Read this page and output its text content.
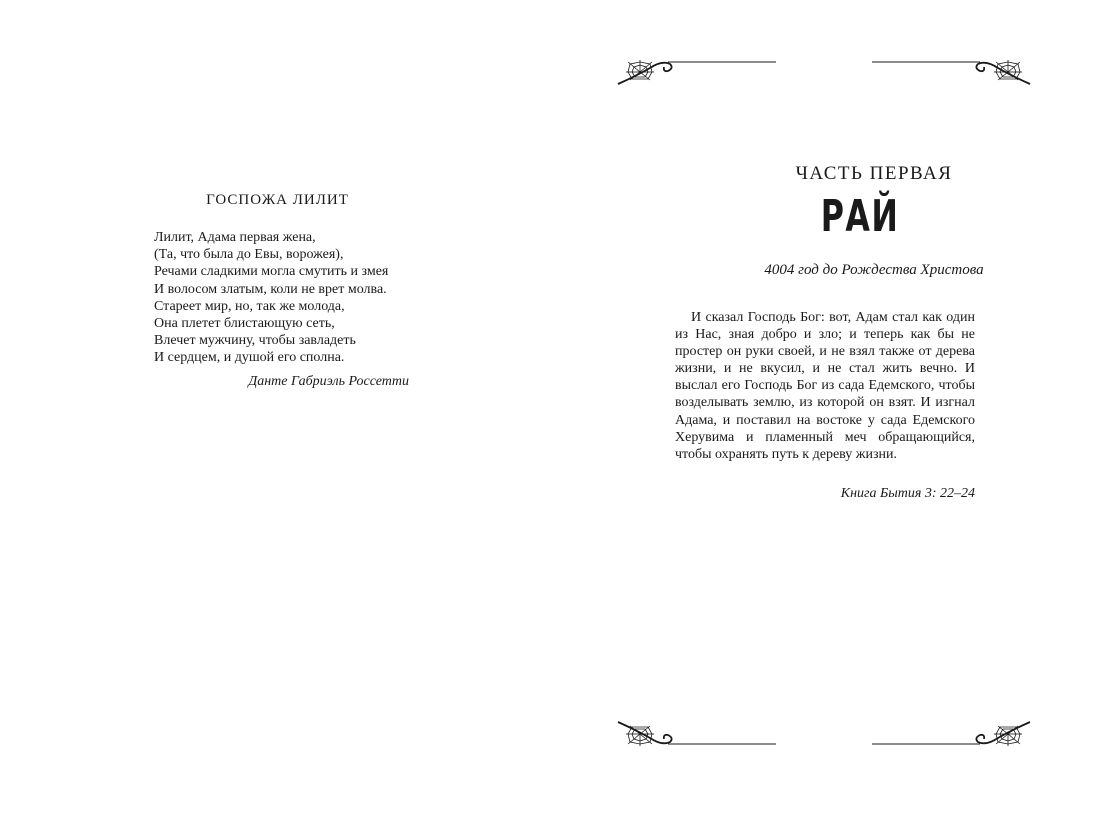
ГОСПОЖА ЛИЛИТ
Лилит, Адама первая жена,
(Та, что была до Евы, ворожея),
Речами сладкими могла смутить и змея
И волосом златым, коли не врет молва.
Стареет мир, но, так же молода,
Она плетет блистающую сеть,
Влечет мужчину, чтобы завладеть
И сердцем, и душой его сполна.
Данте Габриэль Россетти
ЧАСТЬ ПЕРВАЯ
РАЙ
4004 год до Рождества Христова
И сказал Господь Бог: вот, Адам стал как один из Нас, зная добро и зло; и теперь как бы не простер он руки своей, и не взял также от дерева жизни, и не вкусил, и не стал жить вечно. И выслал его Господь Бог из сада Едемского, чтобы возделывать землю, из которой он взят. И изгнал Адама, и поставил на востоке у сада Едемского Херувима и пламенный меч обращающийся, чтобы охранять путь к дереву жизни.
Книга Бытия 3: 22–24
